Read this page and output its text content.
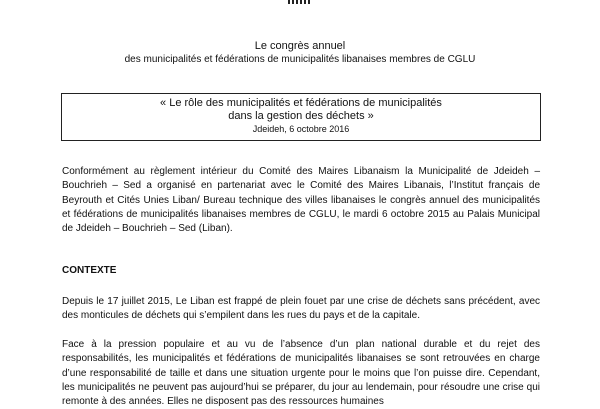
Le congrès annuel
des municipalités et fédérations de municipalités libanaises membres de CGLU
« Le rôle des municipalités et fédérations de municipalités
dans la gestion des déchets »
Jdeideh, 6 octobre 2016

Conformément au règlement intérieur du Comité des Maires Libanaism la Municipalité de Jdeideh – Bouchrieh – Sed a organisé en partenariat avec le Comité des Maires Libanais, l’Institut français de Beyrouth et Cités Unies Liban/ Bureau technique des villes libanaises le congrès annuel des municipalités et fédérations de municipalités libanaises membres de CGLU, le mardi 6 octobre 2015 au Palais Municipal de Jdeideh – Bouchrieh – Sed (Liban).

CONTEXTE

Depuis le 17 juillet 2015, Le Liban est frappé de plein fouet par une crise de déchets sans précédent, avec des monticules de déchets qui s’empilent dans les rues du pays et de la capitale.

Face à la pression populaire et au vu de l’absence d’un plan national durable et du rejet des responsabilités, les municipalités et fédérations de municipalités libanaises se sont retrouvées en charge d’une responsabilité de taille et dans une situation urgente pour le moins que l’on puisse dire. Cependant, les municipalités ne peuvent pas aujourd’hui se préparer, du jour au lendemain, pour résoudre une crise qui remonte à des années. Elles ne disposent pas des ressources humaines
